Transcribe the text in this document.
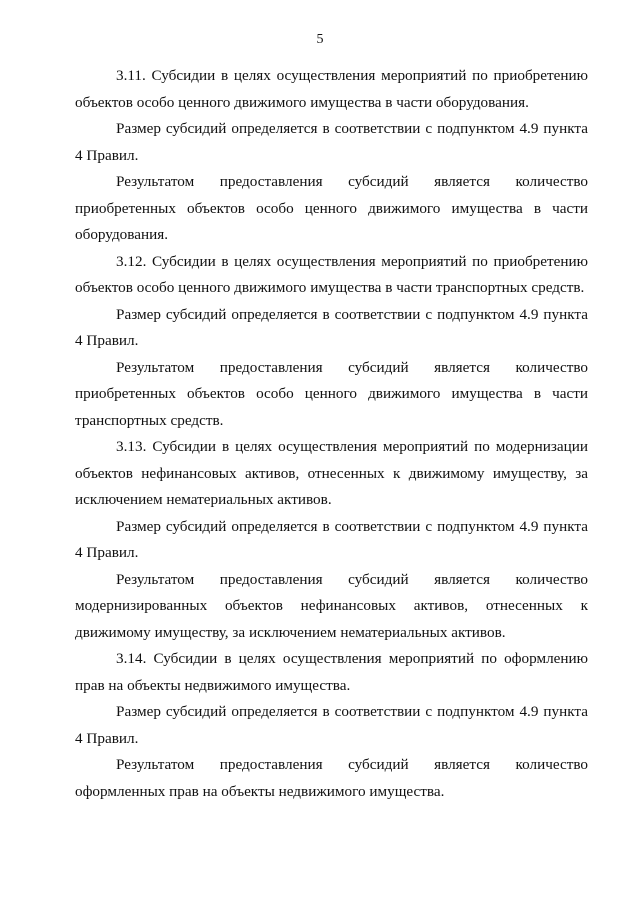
5

3.11. Субсидии в целях осуществления мероприятий по приобретению объектов особо ценного движимого имущества в части оборудования.

Размер субсидий определяется в соответствии с подпунктом 4.9 пункта 4 Правил.

Результатом предоставления субсидий является количество приобретенных объектов особо ценного движимого имущества в части оборудования.

3.12. Субсидии в целях осуществления мероприятий по приобретению объектов особо ценного движимого имущества в части транспортных средств.

Размер субсидий определяется в соответствии с подпунктом 4.9 пункта 4 Правил.

Результатом предоставления субсидий является количество приобретенных объектов особо ценного движимого имущества в части транспортных средств.

3.13. Субсидии в целях осуществления мероприятий по модернизации объектов нефинансовых активов, отнесенных к движимому имуществу, за исключением нематериальных активов.

Размер субсидий определяется в соответствии с подпунктом 4.9 пункта 4 Правил.

Результатом предоставления субсидий является количество модернизированных объектов нефинансовых активов, отнесенных к движимому имуществу, за исключением нематериальных активов.

3.14. Субсидии в целях осуществления мероприятий по оформлению прав на объекты недвижимого имущества.

Размер субсидий определяется в соответствии с подпунктом 4.9 пункта 4 Правил.

Результатом предоставления субсидий является количество оформленных прав на объекты недвижимого имущества.
